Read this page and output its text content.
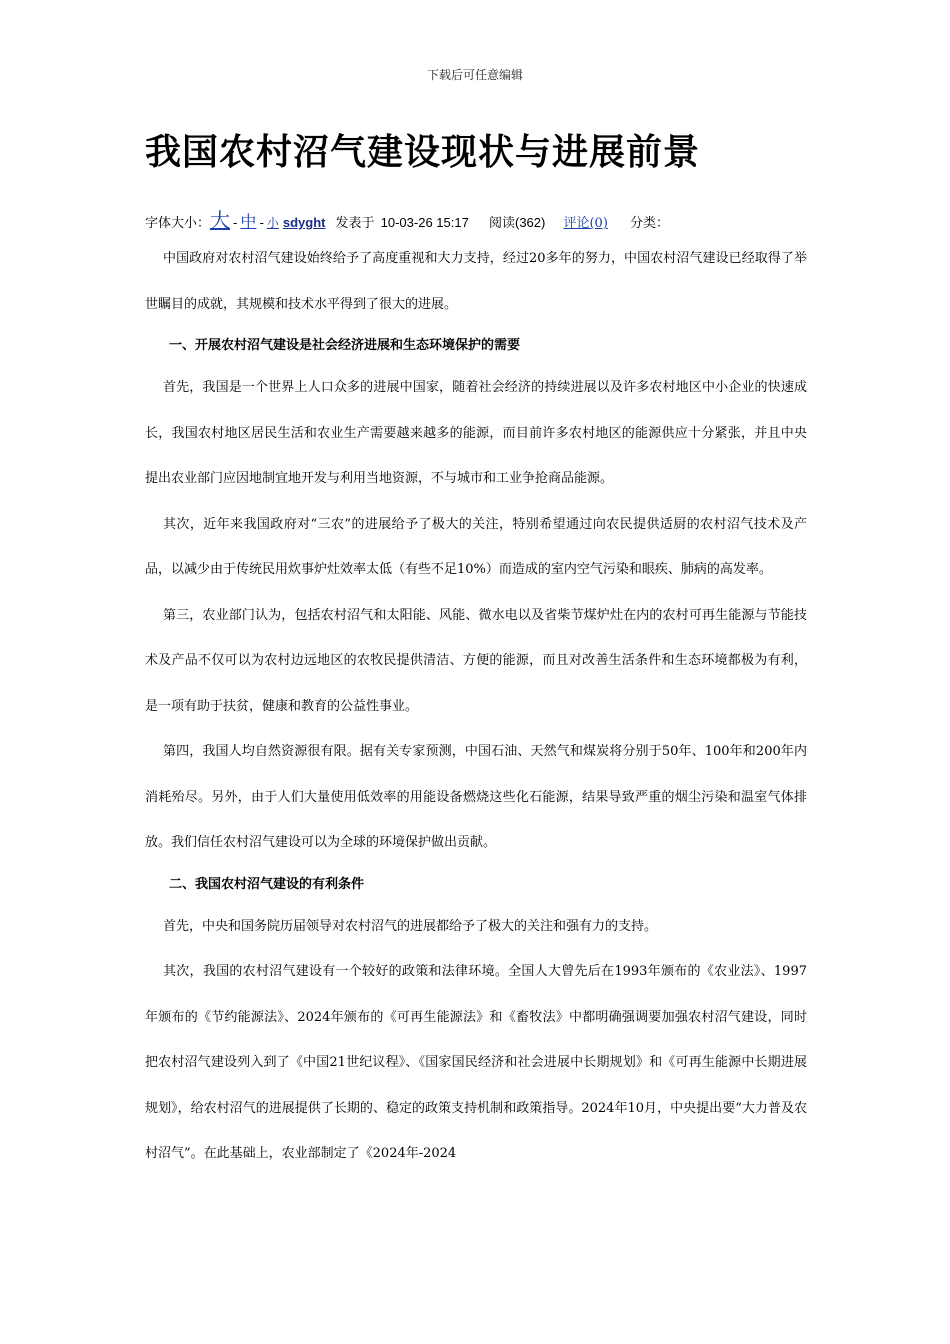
下载后可任意编辑
我国农村沼气建设现状与进展前景
字体大小：大 - 中 - 小 sdyght 发表于 10-03-26 15:17 阅读(362) 评论(0) 分类：

中国政府对农村沼气建设始终给予了高度重视和大力支持，经过20多年的努力，中国农村沼气建设已经取得了举世瞩目的成就，其规模和技术水平得到了很大的进展。

一、开展农村沼气建设是社会经济进展和生态环境保护的需要

首先，我国是一个世界上人口众多的进展中国家，随着社会经济的持续进展以及许多农村地区中小企业的快速成长，我国农村地区居民生活和农业生产需要越来越多的能源，而目前许多农村地区的能源供应十分紧张，并且中央提出农业部门应因地制宜地开发与利用当地资源，不与城市和工业争抢商品能源。

其次，近年来我国政府对“三农”的进展给予了极大的关注，特别希望通过向农民提供适厨的农村沼气技术及产品，以减少由于传统民用炊事炉灶效率太低（有些不足10%）而造成的室内空气污染和眼疾、肺病的高发率。

第三，农业部门认为，包括农村沼气和太阳能、风能、微水电以及省柴节煤炉灶在内的农村可再生能源与节能技术及产品不仅可以为农村边远地区的农牧民提供清洁、方便的能源，而且对改善生活条件和生态环境都极为有利，是一项有助于扶贫，健康和教育的公益性事业。

第四，我国人均自然资源很有限。据有关专家预测，中国石油、天然气和煤炭将分别于50年、100年和200年内消耗殆尽。另外，由于人们大量使用低效率的用能设备燃烧这些化石能源，结果导致严重的烟尘污染和温室气体排放。我们信任农村沼气建设可以为全球的环境保护做出贡献。

二、我国农村沼气建设的有利条件

首先，中央和国务院历届领导对农村沼气的进展都给予了极大的关注和强有力的支持。

其次，我国的农村沼气建设有一个较好的政策和法律环境。全国人大曾先后在1993年颁布的《农业法》、1997年颁布的《节约能源法》、2024年颁布的《可再生能源法》和《畜牧法》中都明确强调要加强农村沼气建设，同时把农村沼气建设列入到了《中国21世纪议程》、《国家国民经济和社会进展中长期规划》和《可再生能源中长期进展规划》，给农村沼气的进展提供了长期的、稳定的政策支持机制和政策指导。2024年10月，中央提出要“大力普及农村沼气”。在此基础上，农业部制定了《2024年-2024
